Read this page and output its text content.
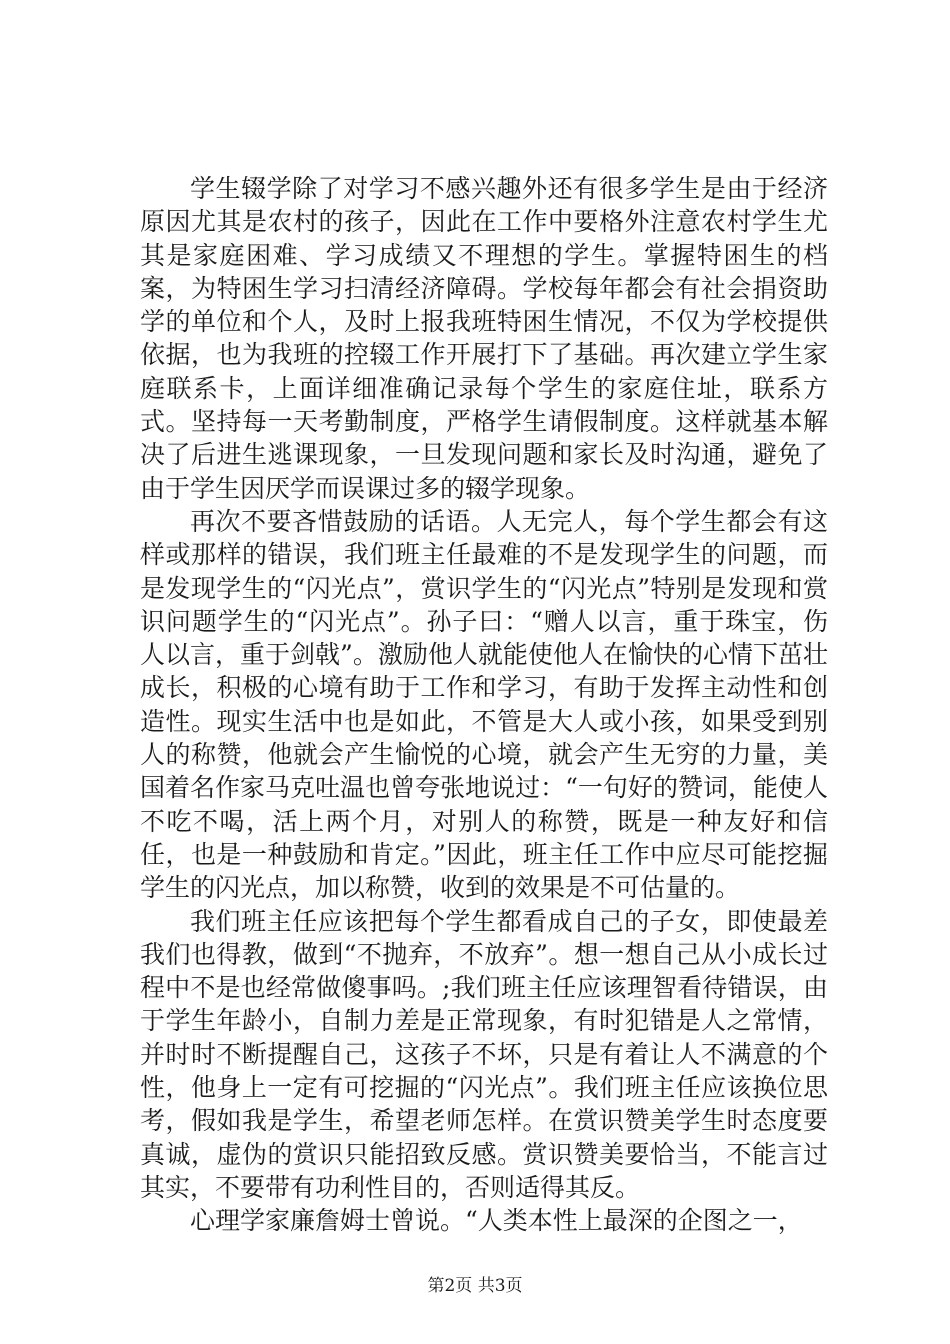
学生辍学除了对学习不感兴趣外还有很多学生是由于经济原因尤其是农村的孩子，因此在工作中要格外注意农村学生尤其是家庭困难、学习成绩又不理想的学生。掌握特困生的档案，为特困生学习扫清经济障碍。学校每年都会有社会捐资助学的单位和个人，及时上报我班特困生情况，不仅为学校提供依据，也为我班的控辍工作开展打下了基础。再次建立学生家庭联系卡，上面详细准确记录每个学生的家庭住址，联系方式。坚持每一天考勤制度，严格学生请假制度。这样就基本解决了后进生逃课现象，一旦发现问题和家长及时沟通，避免了由于学生因厌学而误课过多的辍学现象。

再次不要吝惜鼓励的话语。人无完人，每个学生都会有这样或那样的错误，我们班主任最难的不是发现学生的问题，而是发现学生的“闪光点”，赏识学生的“闪光点”特别是发现和赏识问题学生的“闪光点”。孙子曰：“赠人以言，重于珠宝，伤人以言，重于剑戟”。激励他人就能使他人在愉快的心情下茁壮成长，积极的心境有助于工作和学习，有助于发挥主动性和创造性。现实生活中也是如此，不管是大人或小孩，如果受到别人的称赞，他就会产生愉悦的心境，就会产生无穷的力量，美国着名作家马克吐温也曾夸张地说过：“一句好的赞词，能使人不吃不喝，活上两个月，对别人的称赞，既是一种友好和信任，也是一种鼓励和肯定。”因此，班主任工作中应尽可能挖掘学生的闪光点，加以称赞，收到的效果是不可估量的。

我们班主任应该把每个学生都看成自己的子女，即使最差我们也得教，做到“不抛弃，不放弃”。想一想自己从小成长过程中不是也经常做傻事吗。;我们班主任应该理智看待错误，由于学生年龄小，自制力差是正常现象，有时犯错是人之常情，并时时不断提醒自己，这孩子不坏，只是有着让人不满意的个性，他身上一定有可挖掘的“闪光点”。我们班主任应该换位思考，假如我是学生，希望老师怎样。在赏识赞美学生时态度要真诚，虚伪的赏识只能招致反感。赏识赞美要恰当，不能言过其实，不要带有功利性目的，否则适得其反。

心理学家廉詹姆士曾说。“人类本性上最深的企图之一，

第2页 共3页
